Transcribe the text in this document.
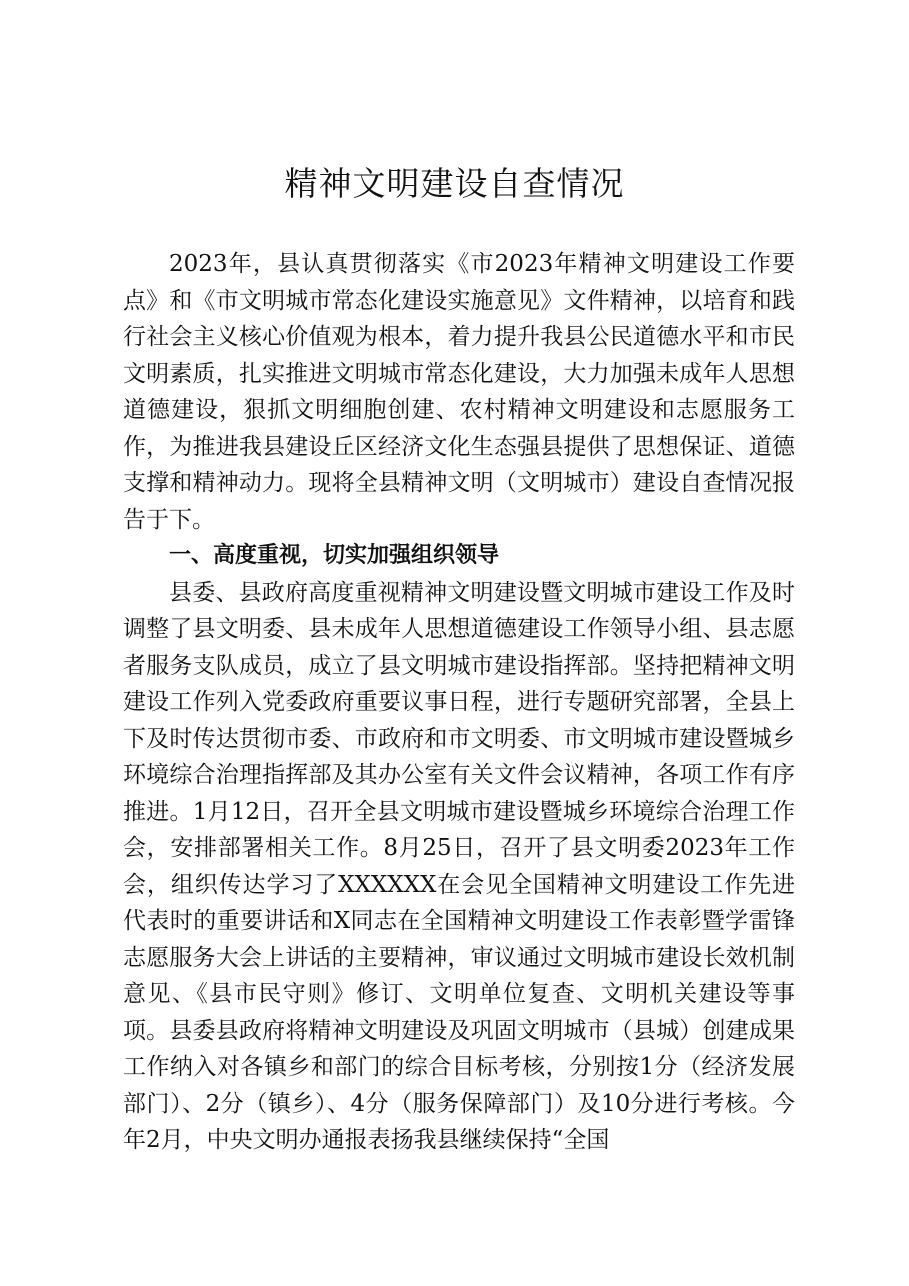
精神文明建设自查情况

2023年，县认真贯彻落实《市2023年精神文明建设工作要点》和《市文明城市常态化建设实施意见》文件精神，以培育和践行社会主义核心价值观为根本，着力提升我县公民道德水平和市民文明素质，扎实推进文明城市常态化建设，大力加强未成年人思想道德建设，狠抓文明细胞创建、农村精神文明建设和志愿服务工作，为推进我县建设丘区经济文化生态强县提供了思想保证、道德支撑和精神动力。现将全县精神文明（文明城市）建设自查情况报告于下。

一、高度重视，切实加强组织领导

县委、县政府高度重视精神文明建设暨文明城市建设工作及时调整了县文明委、县未成年人思想道德建设工作领导小组、县志愿者服务支队成员，成立了县文明城市建设指挥部。坚持把精神文明建设工作列入党委政府重要议事日程，进行专题研究部署，全县上下及时传达贯彻市委、市政府和市文明委、市文明城市建设暨城乡环境综合治理指挥部及其办公室有关文件会议精神，各项工作有序推进。1月12日，召开全县文明城市建设暨城乡环境综合治理工作会，安排部署相关工作。8月25日，召开了县文明委2023年工作会，组织传达学习了XXXXXX在会见全国精神文明建设工作先进代表时的重要讲话和X同志在全国精神文明建设工作表彰暨学雷锋志愿服务大会上讲话的主要精神，审议通过文明城市建设长效机制意见、《县市民守则》修订、文明单位复查、文明机关建设等事项。县委县政府将精神文明建设及巩固文明城市（县城）创建成果工作纳入对各镇乡和部门的综合目标考核，分别按1分（经济发展部门）、2分（镇乡）、4分（服务保障部门）及10分进行考核。今年2月，中央文明办通报表扬我县继续保持“全国
